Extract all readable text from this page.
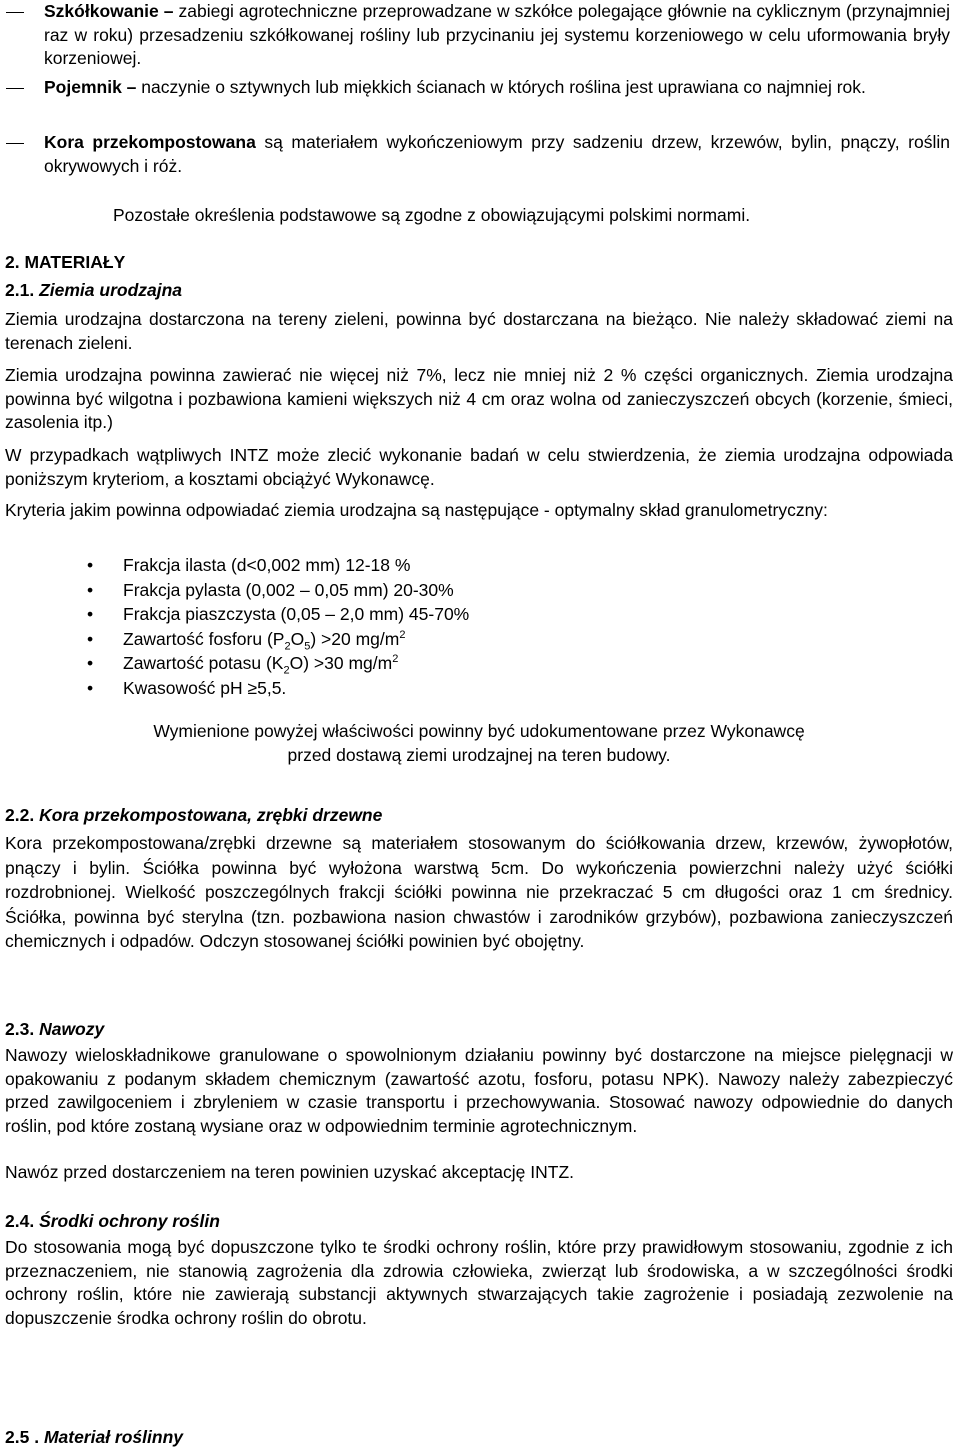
Szkółkowanie – zabiegi agrotechniczne przeprowadzane w szkółce polegające głównie na cyklicznym (przynajmniej raz w roku) przesadzeniu szkółkowanej rośliny lub przycinaniu jej systemu korzeniowego w celu uformowania bryły korzeniowej.

Pojemnik – naczynie o sztywnych lub miękkich ścianach w których roślina jest uprawiana co najmniej rok.

Kora przekompostowana są materiałem wykończeniowym przy sadzeniu drzew, krzewów, bylin, pnączy, roślin okrywowych i róż.

Pozostałe określenia podstawowe są zgodne z obowiązującymi polskimi normami.

2. MATERIAŁY

2.1. Ziemia urodzajna

Ziemia urodzajna dostarczona na tereny zieleni, powinna być dostarczana na bieżąco. Nie należy składować ziemi na terenach zieleni.

Ziemia urodzajna powinna zawierać nie więcej niż 7%, lecz nie mniej niż 2 % części organicznych. Ziemia urodzajna powinna być wilgotna i pozbawiona kamieni większych niż 4 cm oraz wolna od zanieczyszczeń obcych (korzenie, śmieci, zasolenia itp.)

W przypadkach wątpliwych INTZ może zlecić wykonanie badań w celu stwierdzenia, że ziemia urodzajna odpowiada poniższym kryteriom, a kosztami obciążyć Wykonawcę.

Kryteria jakim powinna odpowiadać ziemia urodzajna są następujące - optymalny skład granulometryczny:

• Frakcja ilasta (d<0,002 mm) 12-18 %
• Frakcja pylasta (0,002 – 0,05 mm) 20-30%
• Frakcja piaszczysta (0,05 – 2,0 mm) 45-70%
• Zawartość fosforu $(P_2O_5) >20$ $mg/m^2$
• Zawartość potasu $(K_2O) >30$ $mg/m^2$
• Kwasowość pH ≥5,5.

Wymienione powyżej właściwości powinny być udokumentowane przez Wykonawcę
przed dostawą ziemi urodzajnej na teren budowy.

2.2. Kora przekompostowana, zrębki drzewne

Kora przekompostowana/zrębki drzewne są materiałem stosowanym do ściółkowania drzew, krzewów, żywopłotów, pnączy i bylin. Ściółka powinna być wyłożona warstwą 5cm. Do wykończenia powierzchni należy użyć ściółki rozdrobnionej. Wielkość poszczególnych frakcji ściółki powinna nie przekraczać 5 cm długości oraz 1 cm średnicy. Ściółka, powinna być sterylna (tzn. pozbawiona nasion chwastów i zarodników grzybów), pozbawiona zanieczyszczeń chemicznych i odpadów. Odczyn stosowanej ściółki powinien być obojętny.

2.3. Nawozy

Nawozy wieloskładnikowe granulowane o spowolnionym działaniu powinny być dostarczone na miejsce pielęgnacji w opakowaniu z podanym składem chemicznym (zawartość azotu, fosforu, potasu NPK). Nawozy należy zabezpieczyć przed zawilgoceniem i zbryleniem w czasie transportu i przechowywania. Stosować nawozy odpowiednie do danych roślin, pod które zostaną wysiane oraz w odpowiednim terminie agrotechnicznym.

Nawóz przed dostarczeniem na teren powinien uzyskać akceptację INTZ.

2.4. Środki ochrony roślin

Do stosowania mogą być dopuszczone tylko te środki ochrony roślin, które przy prawidłowym stosowaniu, zgodnie z ich przeznaczeniem, nie stanowią zagrożenia dla zdrowia człowieka, zwierząt lub środowiska, a w szczególności środki ochrony roślin, które nie zawierają substancji aktywnych stwarzających takie zagrożenie i posiadają zezwolenie na dopuszczenie środka ochrony roślin do obrotu.

2.5 . Materiał roślinny
